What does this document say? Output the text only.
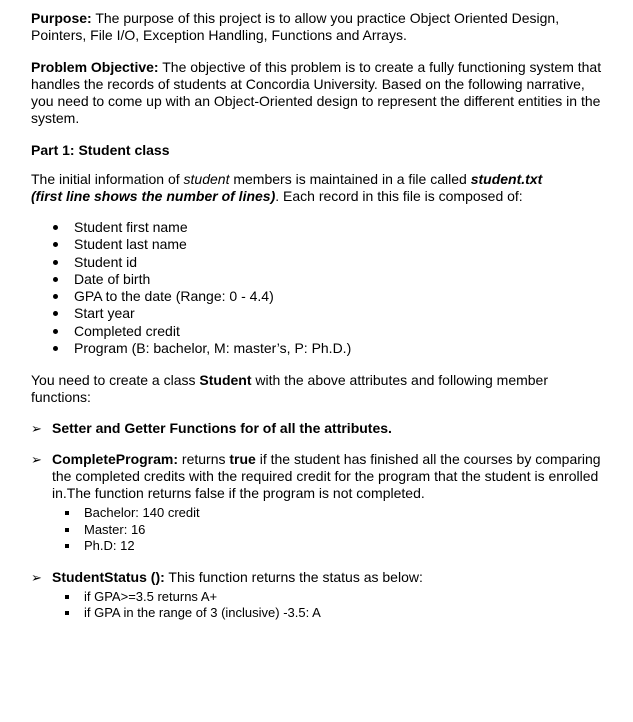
Purpose: The purpose of this project is to allow you practice Object Oriented Design, Pointers, File I/O, Exception Handling, Functions and Arrays.

Problem Objective: The objective of this problem is to create a fully functioning system that handles the records of students at Concordia University. Based on the following narrative, you need to come up with an Object-Oriented design to represent the different entities in the system.

Part 1: Student class

The initial information of student members is maintained in a file called student.txt
(first line shows the number of lines). Each record in this file is composed of:

Student first name
Student last name
Student id
Date of birth
GPA to the date (Range: 0 - 4.4)
Start year
Completed credit
Program (B: bachelor, M: master’s, P: Ph.D.)

You need to create a class Student with the above attributes and following member functions:

➢ Setter and Getter Functions for of all the attributes.
➢ CompleteProgram: returns true if the student has finished all the courses by comparing the completed credits with the required credit for the program that the student is enrolled in.The function returns false if the program is not completed.

Bachelor: 140 credit
Master: 16
Ph.D: 12
➢ StudentStatus (): This function returns the status as below:

if GPA>=3.5 returns A+
if GPA in the range of 3 (inclusive) -3.5: A
